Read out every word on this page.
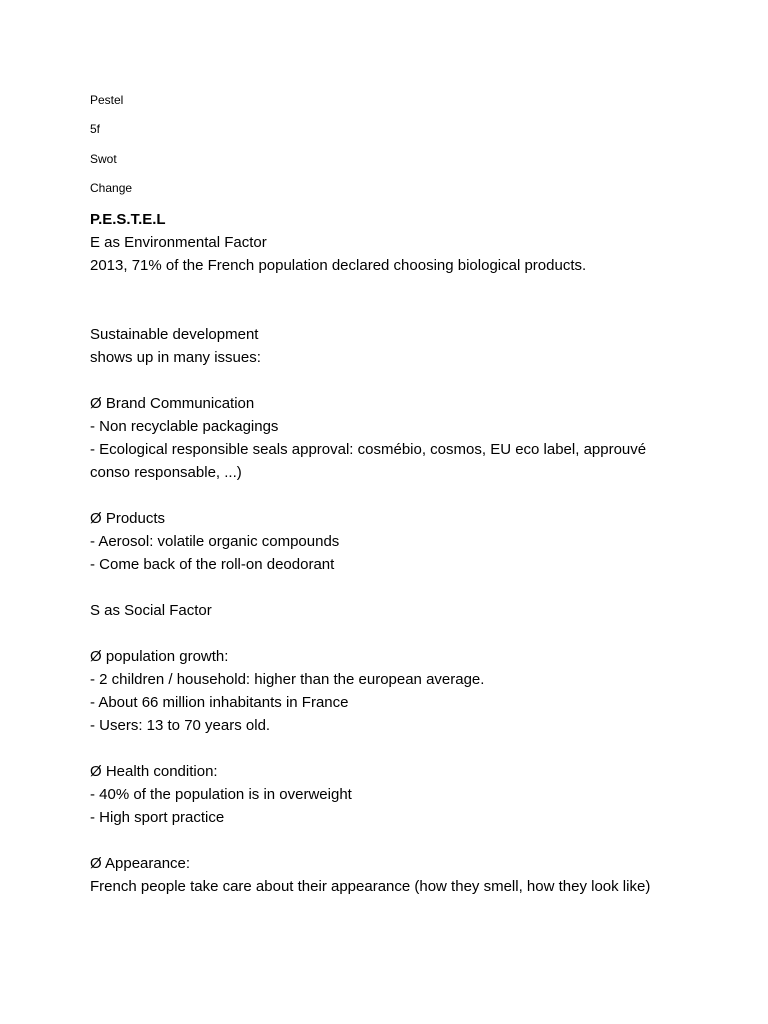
Pestel
5f
Swot
Change
P.E.S.T.E.L
E as Environmental Factor
2013, 71% of the French population declared choosing biological products.
Sustainable development
shows up in many issues:
Ø Brand Communication
- Non recyclable packagings
- Ecological responsible seals approval: cosmébio, cosmos, EU eco label, approuvé
conso responsable, ...)
Ø Products
- Aerosol: volatile organic compounds
- Come back of the roll-on deodorant
S as Social Factor
Ø population growth:
- 2 children / household: higher than the european average.
- About 66 million inhabitants in France
- Users: 13 to 70 years old.
Ø Health condition:
- 40% of the population is in overweight
- High sport practice
Ø Appearance:
French people take care about their appearance (how they smell, how they look like)
